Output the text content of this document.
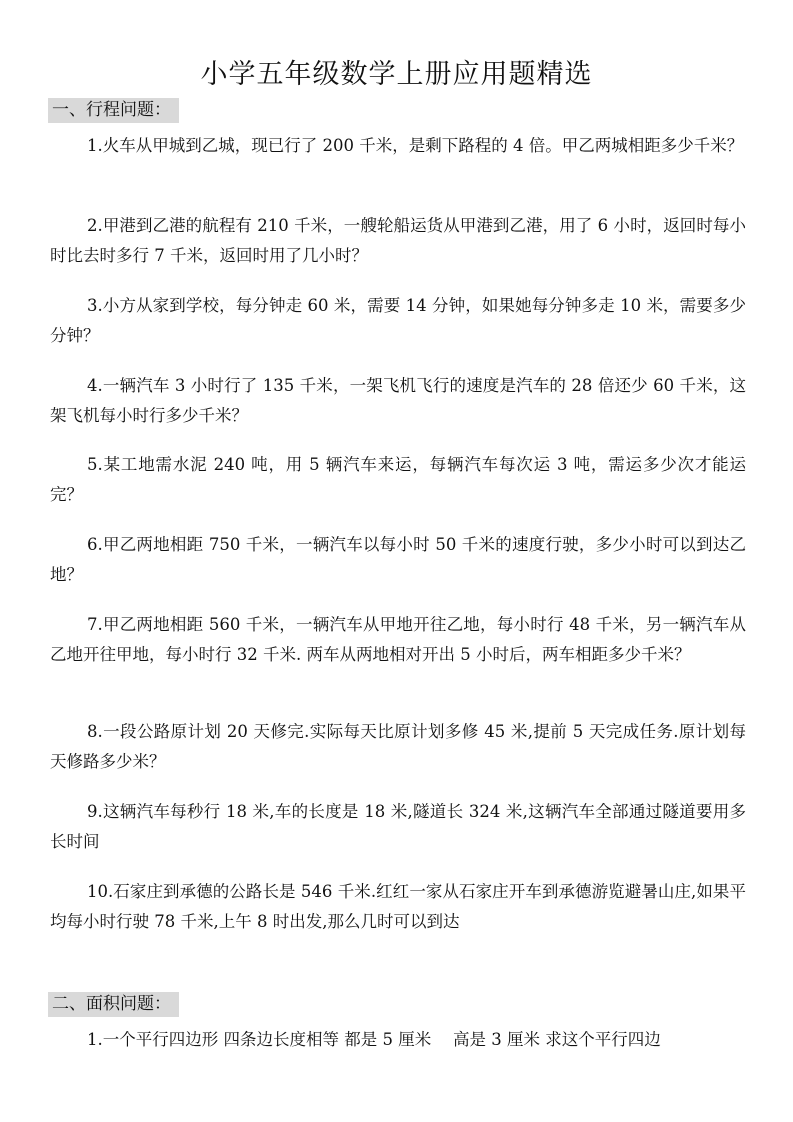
小学五年级数学上册应用题精选
一、行程问题：

1.火车从甲城到乙城，现已行了 200 千米，是剩下路程的 4 倍。甲乙两城相距多少千米？

2.甲港到乙港的航程有 210 千米，一艘轮船运货从甲港到乙港，用了 6 小时，返回时每小时比去时多行 7 千米，返回时用了几小时？

3.小方从家到学校，每分钟走 60 米，需要 14 分钟，如果她每分钟多走 10 米，需要多少分钟？

4.一辆汽车 3 小时行了 135 千米，一架飞机飞行的速度是汽车的 28 倍还少 60 千米，这架飞机每小时行多少千米？

5.某工地需水泥 240 吨，用 5 辆汽车来运，每辆汽车每次运 3 吨，需运多少次才能运完？

6.甲乙两地相距 750 千米，一辆汽车以每小时 50 千米的速度行驶，多少小时可以到达乙地？

7.甲乙两地相距 560 千米，一辆汽车从甲地开往乙地，每小时行 48 千米，另一辆汽车从乙地开往甲地，每小时行 32 千米. 两车从两地相对开出 5 小时后，两车相距多少千米？

8.一段公路原计划 20 天修完.实际每天比原计划多修 45 米,提前 5 天完成任务.原计划每天修路多少米？

9.这辆汽车每秒行 18 米,车的长度是 18 米,隧道长 324 米,这辆汽车全部通过隧道要用多长时间

10.石家庄到承德的公路长是 546 千米.红红一家从石家庄开车到承德游览避暑山庄,如果平均每小时行驶 78 千米,上午 8 时出发,那么几时可以到达

二、面积问题：

1.一个平行四边形 四条边长度相等 都是 5 厘米　 高是 3 厘米 求这个平行四边
